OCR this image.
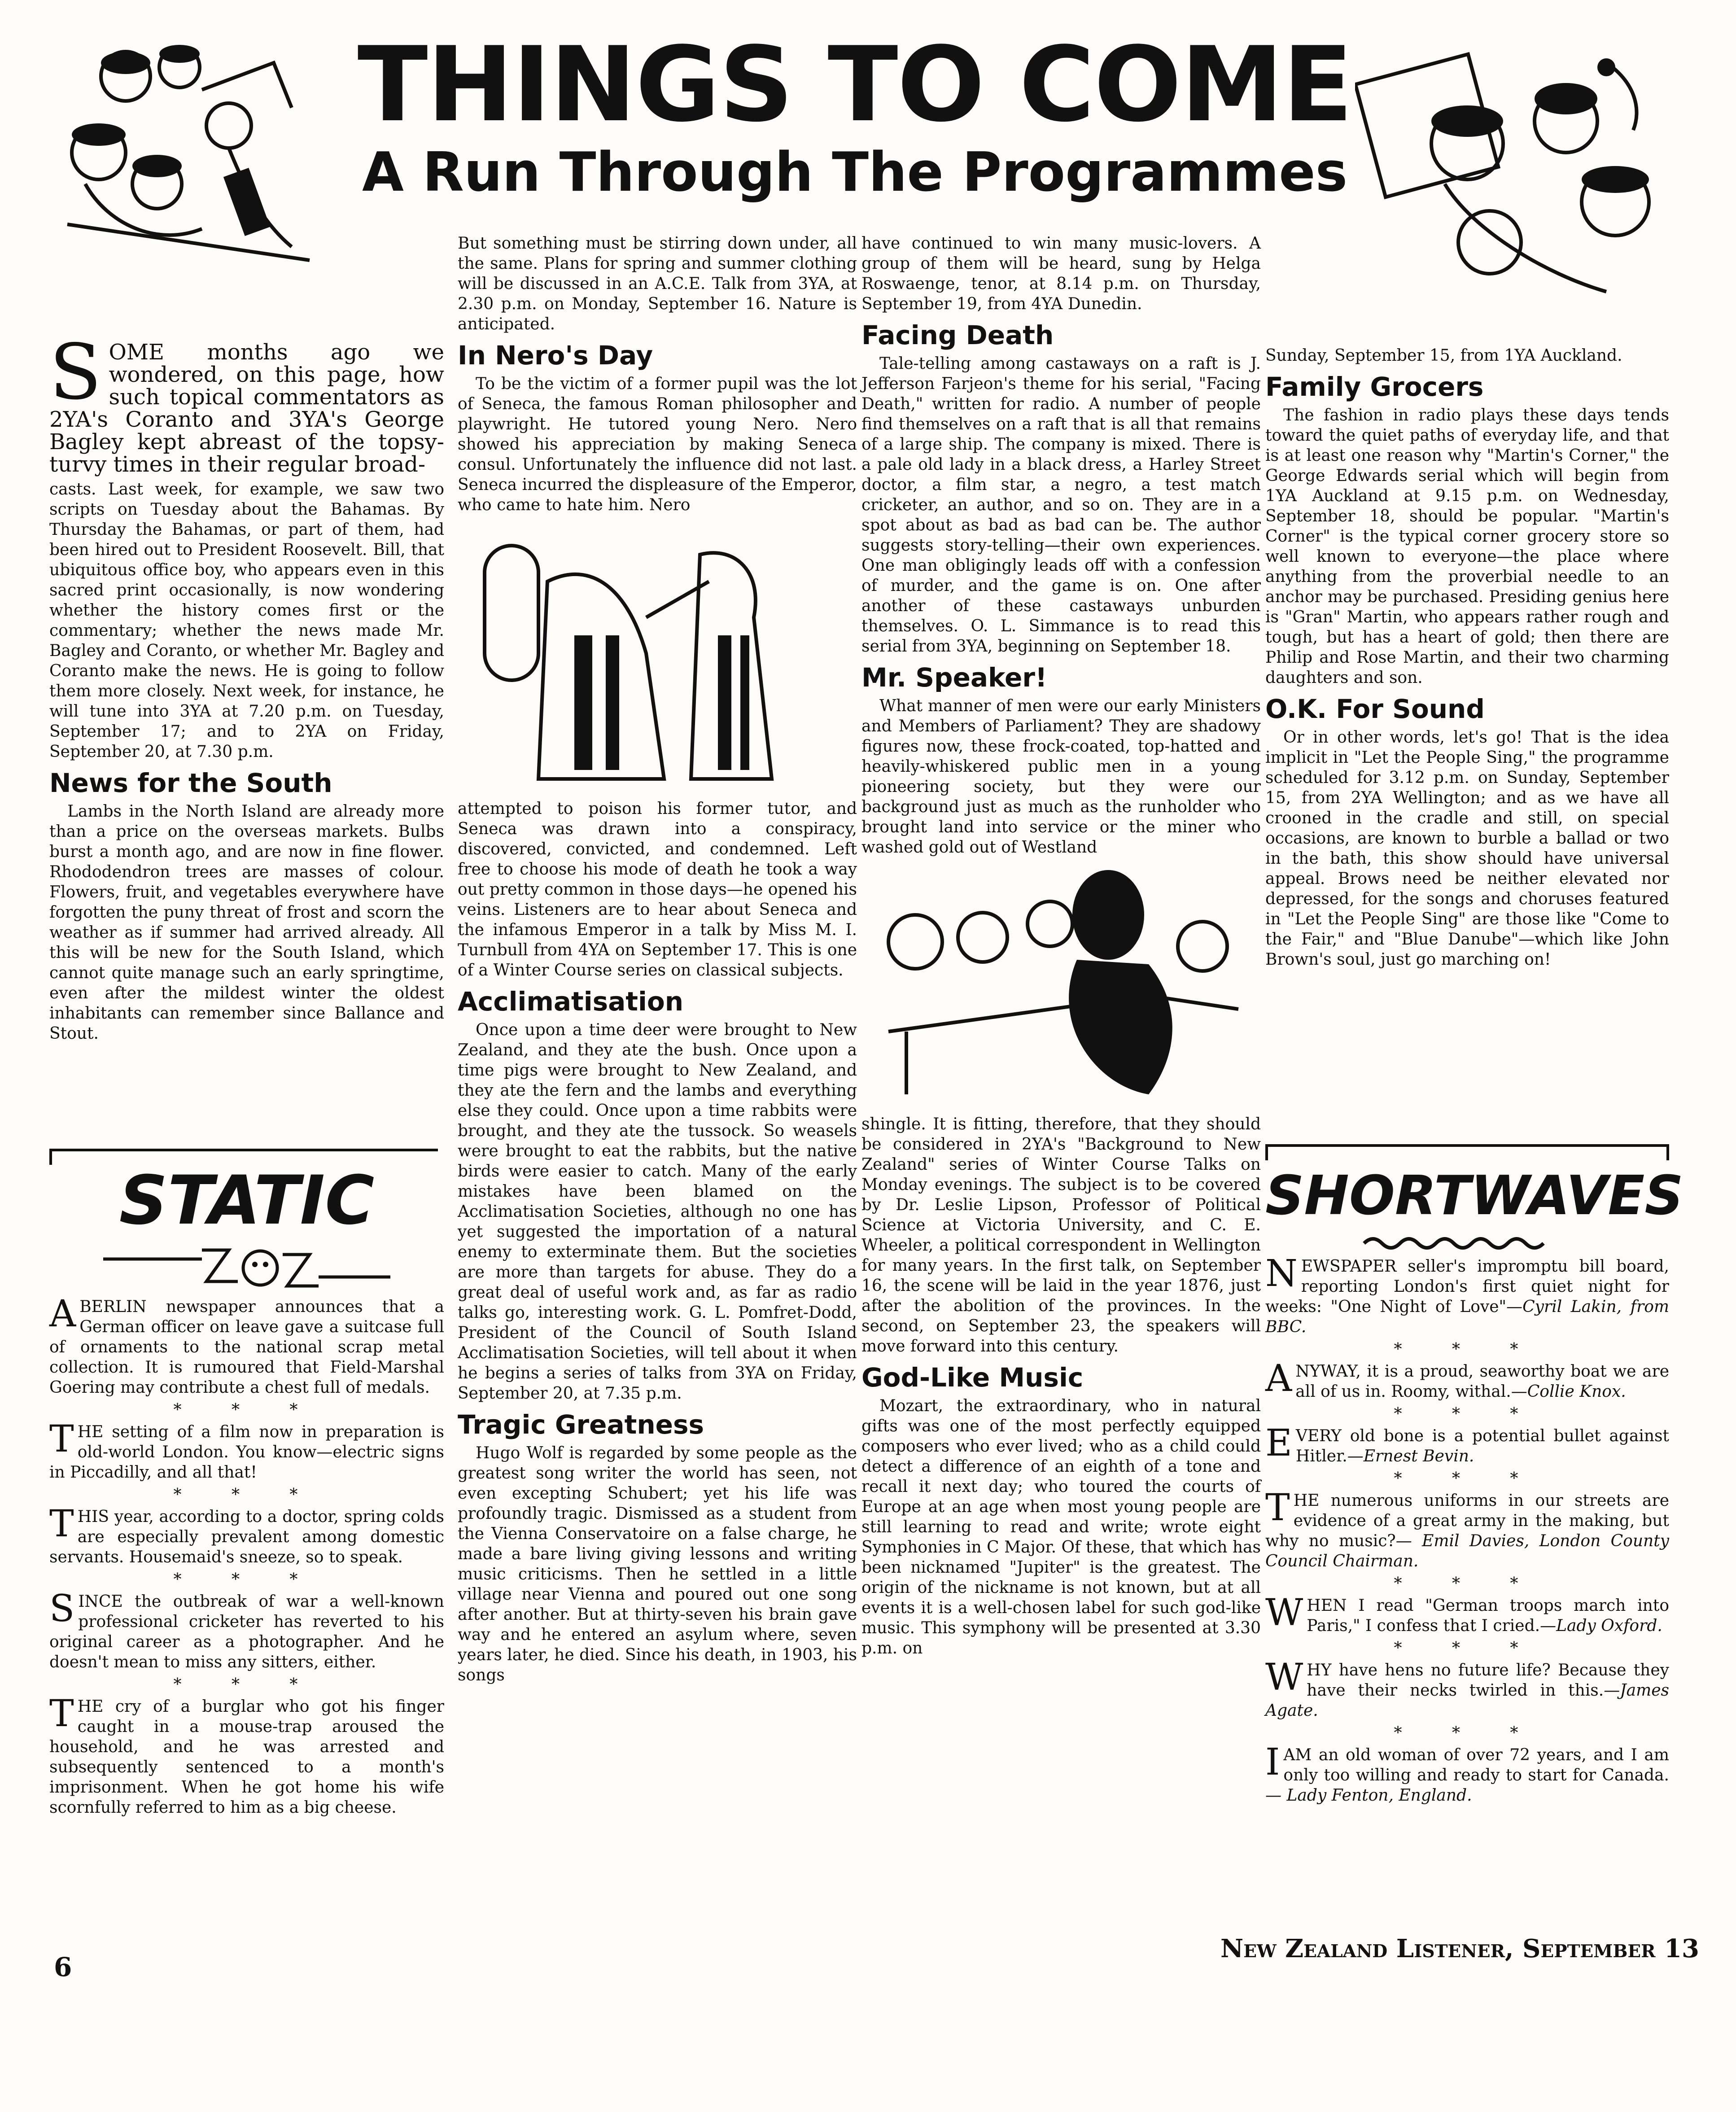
THINGS TO COME
A Run Through The Programmes
S OME months ago we wondered, on this page, how such topical commentators as 2YA's Coranto and 3YA's George Bagley kept abreast of the topsy-turvy times in their regular broad-

casts. Last week, for example, we saw two scripts on Tuesday about the Bahamas. By Thursday the Bahamas, or part of them, had been hired out to President Roosevelt. Bill, that ubiquitous office boy, who appears even in this sacred print occasionally, is now wondering whether the history comes first or the commentary; whether the news made Mr. Bagley and Coranto, or whether Mr. Bagley and Coranto make the news. He is going to follow them more closely. Next week, for instance, he will tune into 3YA at 7.20 p.m. on Tuesday, September 17; and to 2YA on Friday, September 20, at 7.30 p.m.

News for the South

Lambs in the North Island are already more than a price on the overseas markets. Bulbs burst a month ago, and are now in fine flower. Rhododendron trees are masses of colour. Flowers, fruit, and vegetables everywhere have forgotten the puny threat of frost and scorn the weather as if summer had arrived already. All this will be new for the South Island, which cannot quite manage such an early springtime, even after the mildest winter the oldest inhabitants can remember since Ballance and Stout.

STATIC
A BERLIN newspaper announces that a German officer on leave gave a suitcase full of ornaments to the national scrap metal collection. It is rumoured that Field-Marshal Goering may contribute a chest full of medals.

* * *
T HE setting of a film now in preparation is old-world London. You know—electric signs in Piccadilly, and all that!

* * *
T HIS year, according to a doctor, spring colds are especially prevalent among domestic servants. Housemaid's sneeze, so to speak.

* * *
S INCE the outbreak of war a well-known professional cricketer has reverted to his original career as a photographer. And he doesn't mean to miss any sitters, either.

* * *
T HE cry of a burglar who got his finger caught in a mouse-trap aroused the household, and he was arrested and subsequently sentenced to a month's imprisonment. When he got home his wife scornfully referred to him as a big cheese.

But something must be stirring down under, all the same. Plans for spring and summer clothing will be discussed in an A.C.E. Talk from 3YA, at 2.30 p.m. on Monday, September 16. Nature is anticipated.

In Nero's Day

To be the victim of a former pupil was the lot of Seneca, the famous Roman philosopher and playwright. He tutored young Nero. Nero showed his appreciation by making Seneca consul. Unfortunately the influence did not last. Seneca incurred the displeasure of the Emperor, who came to hate him. Nero

attempted to poison his former tutor, and Seneca was drawn into a conspiracy, discovered, convicted, and condemned. Left free to choose his mode of death he took a way out pretty common in those days—he opened his veins. Listeners are to hear about Seneca and the infamous Emperor in a talk by Miss M. I. Turnbull from 4YA on September 17. This is one of a Winter Course series on classical subjects.

Acclimatisation

Once upon a time deer were brought to New Zealand, and they ate the bush. Once upon a time pigs were brought to New Zealand, and they ate the fern and the lambs and everything else they could. Once upon a time rabbits were brought, and they ate the tussock. So weasels were brought to eat the rabbits, but the native birds were easier to catch. Many of the early mistakes have been blamed on the Acclimatisation Societies, although no one has yet suggested the importation of a natural enemy to exterminate them. But the societies are more than targets for abuse. They do a great deal of useful work and, as far as radio talks go, interesting work. G. L. Pomfret-Dodd, President of the Council of South Island Acclimatisation Societies, will tell about it when he begins a series of talks from 3YA on Friday, September 20, at 7.35 p.m.

Tragic Greatness

Hugo Wolf is regarded by some people as the greatest song writer the world has seen, not even excepting Schubert; yet his life was profoundly tragic. Dismissed as a student from the Vienna Conservatoire on a false charge, he made a bare living giving lessons and writing music criticisms. Then he settled in a little village near Vienna and poured out one song after another. But at thirty-seven his brain gave way and he entered an asylum where, seven years later, he died. Since his death, in 1903, his songs

have continued to win many music-lovers. A group of them will be heard, sung by Helga Roswaenge, tenor, at 8.14 p.m. on Thursday, September 19, from 4YA Dunedin.

Facing Death

Tale-telling among castaways on a raft is J. Jefferson Farjeon's theme for his serial, "Facing Death," written for radio. A number of people find themselves on a raft that is all that remains of a large ship. The company is mixed. There is a pale old lady in a black dress, a Harley Street doctor, a film star, a negro, a test match cricketer, an author, and so on. They are in a spot about as bad as bad can be. The author suggests story-telling—their own experiences. One man obligingly leads off with a confession of murder, and the game is on. One after another of these castaways unburden themselves. O. L. Simmance is to read this serial from 3YA, beginning on September 18.

Mr. Speaker!

What manner of men were our early Ministers and Members of Parliament? They are shadowy figures now, these frock-coated, top-hatted and heavily-whiskered public men in a young pioneering society, but they were our background just as much as the runholder who brought land into service or the miner who washed gold out of Westland

shingle. It is fitting, therefore, that they should be considered in 2YA's "Background to New Zealand" series of Winter Course Talks on Monday evenings. The subject is to be covered by Dr. Leslie Lipson, Professor of Political Science at Victoria University, and C. E. Wheeler, a political correspondent in Wellington for many years. In the first talk, on September 16, the scene will be laid in the year 1876, just after the abolition of the provinces. In the second, on September 23, the speakers will move forward into this century.

God-Like Music

Mozart, the extraordinary, who in natural gifts was one of the most perfectly equipped composers who ever lived; who as a child could detect a difference of an eighth of a tone and recall it next day; who toured the courts of Europe at an age when most young people are still learning to read and write; wrote eight Symphonies in C Major. Of these, that which has been nicknamed "Jupiter" is the greatest. The origin of the nickname is not known, but at all events it is a well-chosen label for such god-like music. This symphony will be presented at 3.30 p.m. on

Sunday, September 15, from 1YA Auckland.

Family Grocers

The fashion in radio plays these days tends toward the quiet paths of everyday life, and that is at least one reason why "Martin's Corner," the George Edwards serial which will begin from 1YA Auckland at 9.15 p.m. on Wednesday, September 18, should be popular. "Martin's Corner" is the typical corner grocery store so well known to everyone—the place where anything from the proverbial needle to an anchor may be purchased. Presiding genius here is "Gran" Martin, who appears rather rough and tough, but has a heart of gold; then there are Philip and Rose Martin, and their two charming daughters and son.

O.K. For Sound

Or in other words, let's go! That is the idea implicit in "Let the People Sing," the programme scheduled for 3.12 p.m. on Sunday, September 15, from 2YA Wellington; and as we have all crooned in the cradle and still, on special occasions, are known to burble a ballad or two in the bath, this show should have universal appeal. Brows need be neither elevated nor depressed, for the songs and choruses featured in "Let the People Sing" are those like "Come to the Fair," and "Blue Danube"—which like John Brown's soul, just go marching on!

SHORTWAVES
N EWSPAPER seller's impromptu bill board, reporting London's first quiet night for weeks: "One Night of Love"—Cyril Lakin, from BBC.

* * *
A NYWAY, it is a proud, seaworthy boat we are all of us in. Roomy, withal.—Collie Knox.

* * *
E VERY old bone is a potential bullet against Hitler.—Ernest Bevin.

* * *
T HE numerous uniforms in our streets are evidence of a great army in the making, but why no music?— Emil Davies, London County Council Chairman.

* * *
W HEN I read "German troops march into Paris," I confess that I cried.—Lady Oxford.

* * *
W HY have hens no future life? Because they have their necks twirled in this.—James Agate.

* * *
I AM an old woman of over 72 years, and I am only too willing and ready to start for Canada.— Lady Fenton, England.

6
New Zealand Listener, September 13
